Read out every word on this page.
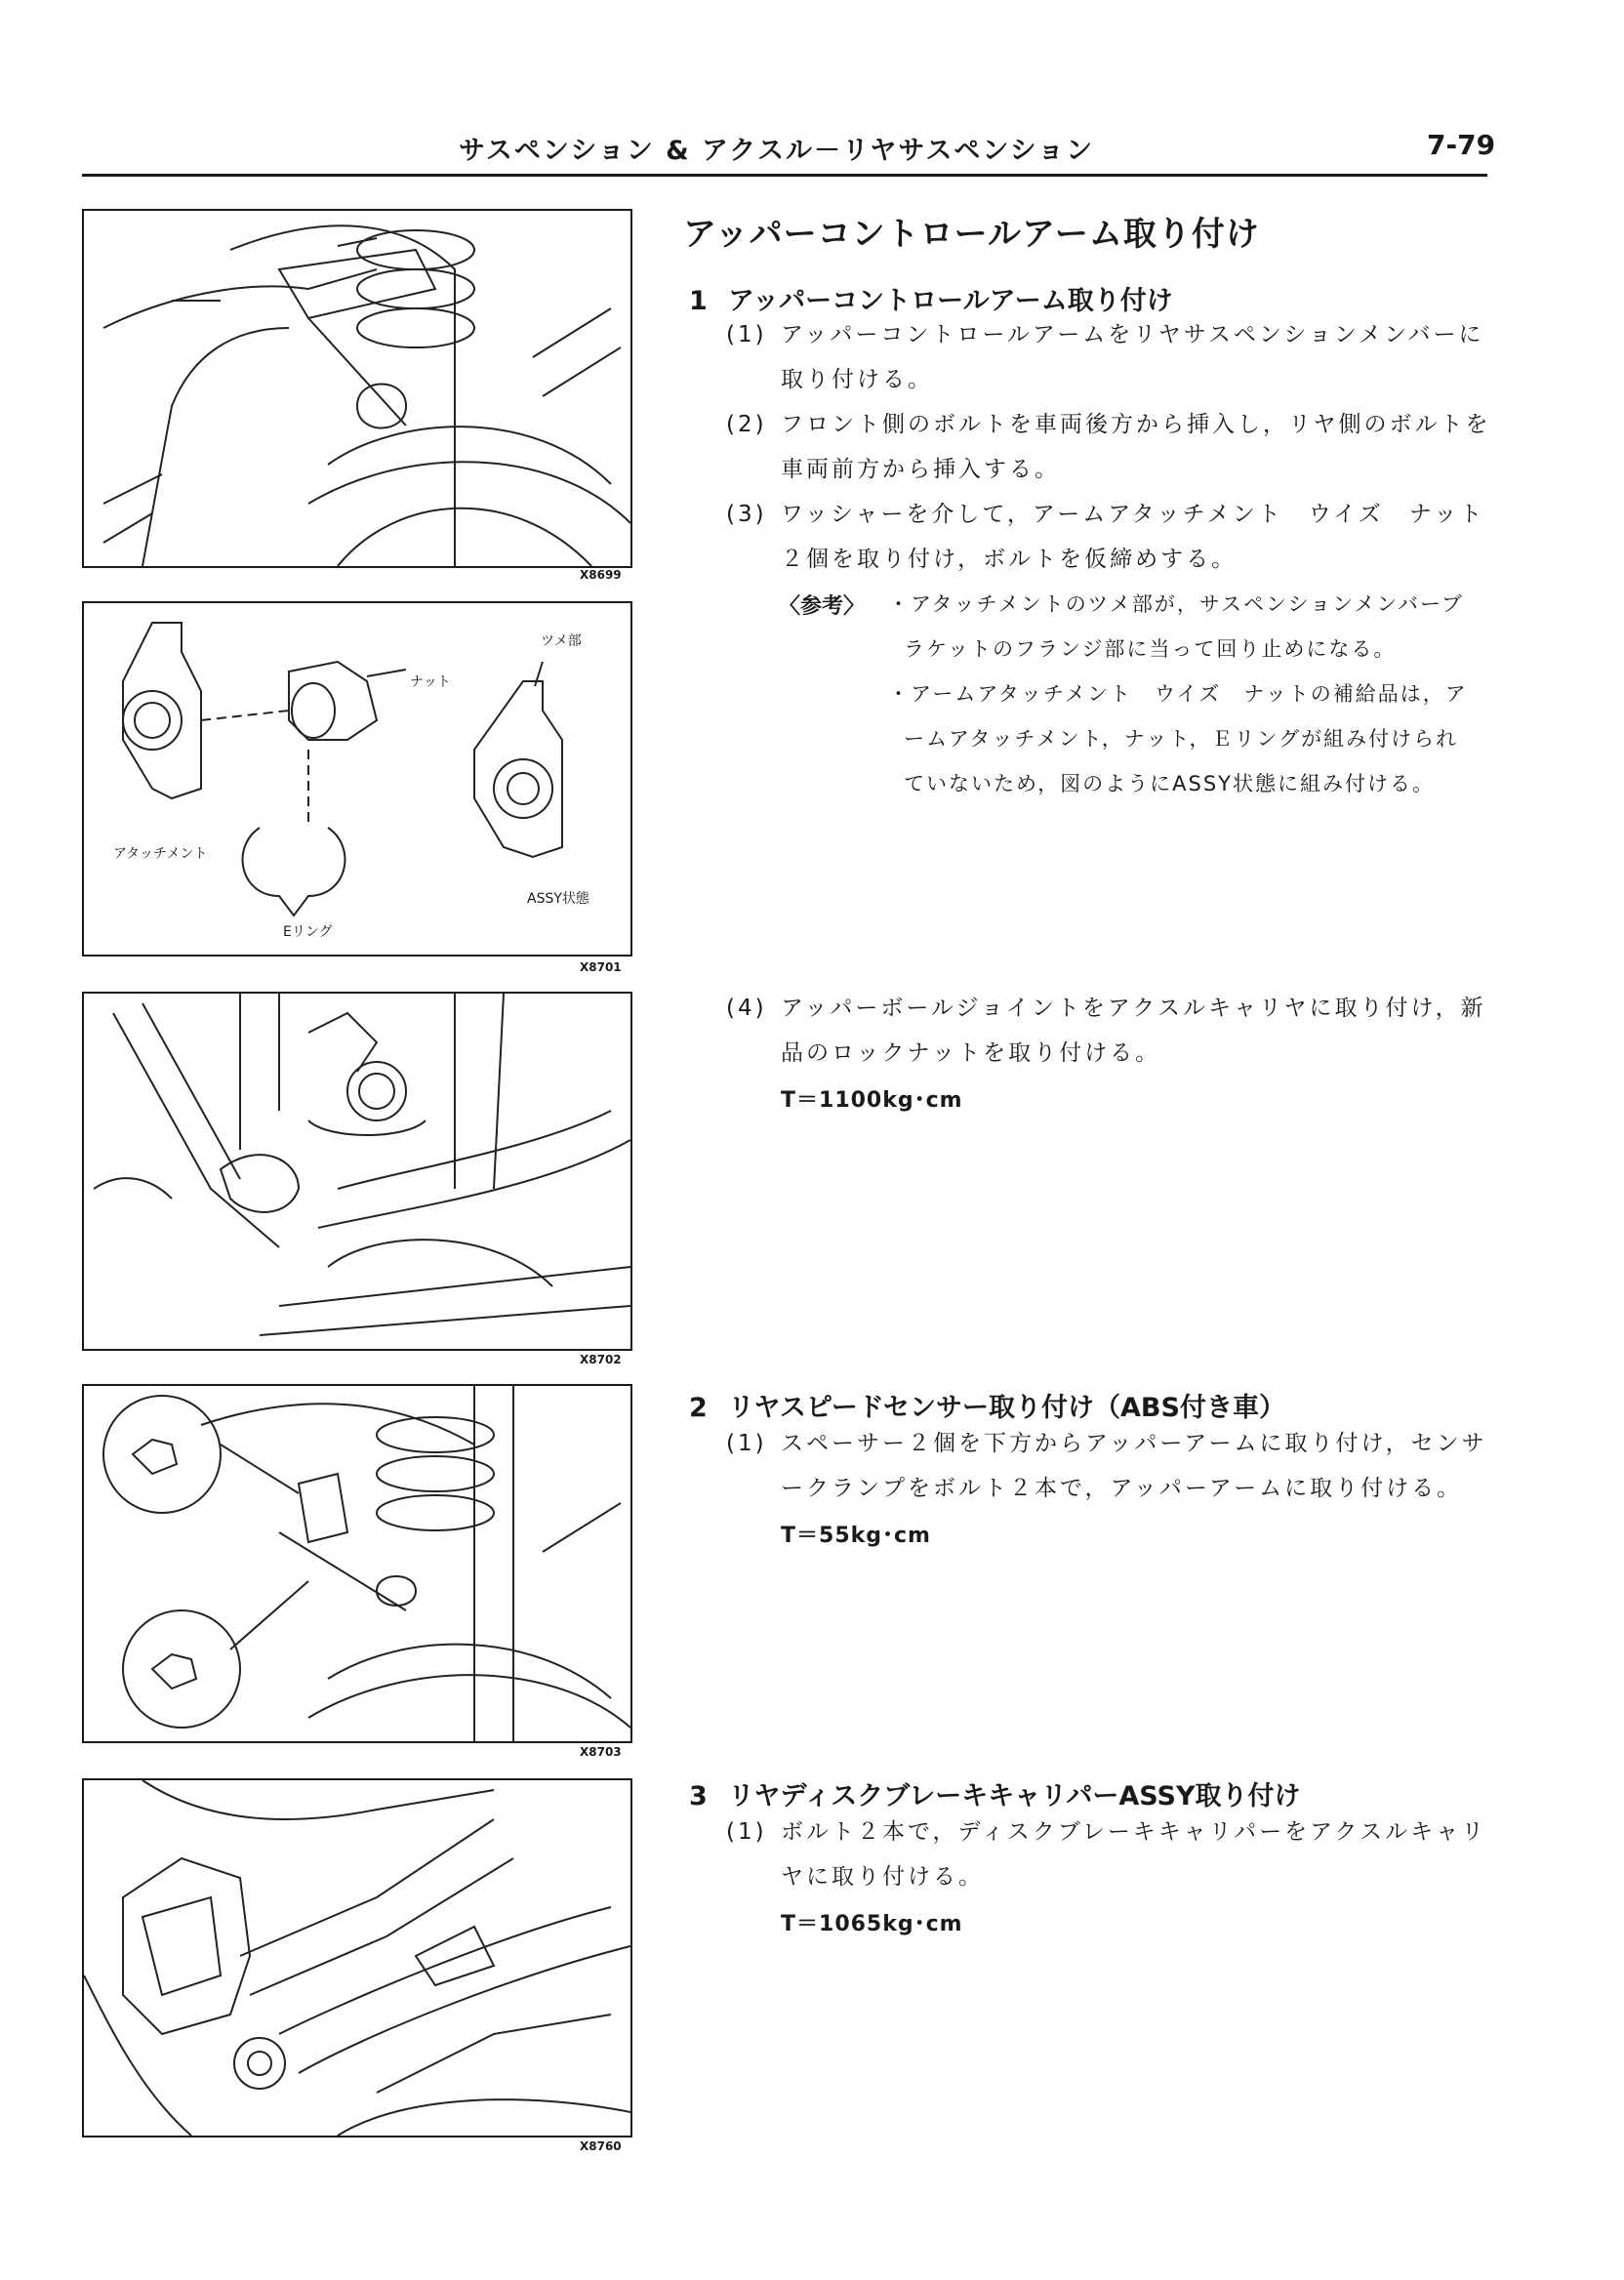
サスペンション & アクスル－リヤサスペンション	7-79
X8699
ツメ部
ナット
アタッチメント
Eリング
ASSY状態
X8701
X8702
X8703
X8760
アッパーコントロールアーム取り付け
1 アッパーコントロールアーム取り付け
(1) アッパーコントロールアームをリヤサスペンションメンバーに
取り付ける。
(2) フロント側のボルトを車両後方から挿入し，リヤ側のボルトを
車両前方から挿入する。
(3) ワッシャーを介して，アームアタッチメント　ウイズ　ナット
２個を取り付け，ボルトを仮締めする。
〈参考〉 ・アタッチメントのツメ部が，サスペンションメンバーブ
ラケットのフランジ部に当って回り止めになる。
・アームアタッチメント　ウイズ　ナットの補給品は，ア
ームアタッチメント，ナット，Ｅリングが組み付けられ
ていないため，図のようにASSY状態に組み付ける。
(4) アッパーボールジョイントをアクスルキャリヤに取り付け，新
品のロックナットを取り付ける。
T＝1100kg･cm
2 リヤスピードセンサー取り付け（ABS付き車）
(1) スペーサー２個を下方からアッパーアームに取り付け，センサ
ークランプをボルト２本で，アッパーアームに取り付ける。
T＝55kg･cm
3 リヤディスクブレーキキャリパーASSY取り付け
(1) ボルト２本で，ディスクブレーキキャリパーをアクスルキャリ
ヤに取り付ける。
T＝1065kg･cm
